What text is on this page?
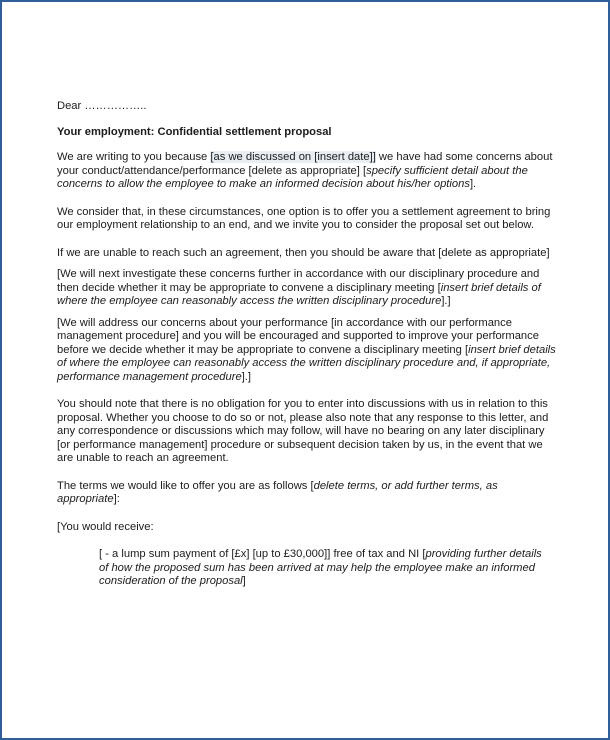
Dear ……………..

Your employment: Confidential settlement proposal

We are writing to you because [as we discussed on [insert date]] we have had some concerns about your conduct/attendance/performance [delete as appropriate] [specify sufficient detail about the concerns to allow the employee to make an informed decision about his/her options].

We consider that, in these circumstances, one option is to offer you a settlement agreement to bring our employment relationship to an end, and we invite you to consider the proposal set out below.

If we are unable to reach such an agreement, then you should be aware that [delete as appropriate]

[We will next investigate these concerns further in accordance with our disciplinary procedure and then decide whether it may be appropriate to convene a disciplinary meeting [insert brief details of where the employee can reasonably access the written disciplinary procedure].]

[We will address our concerns about your performance [in accordance with our performance management procedure] and you will be encouraged and supported to improve your performance before we decide whether it may be appropriate to convene a disciplinary meeting [insert brief details of where the employee can reasonably access the written disciplinary procedure and, if appropriate, performance management procedure].]

You should note that there is no obligation for you to enter into discussions with us in relation to this proposal. Whether you choose to do so or not, please also note that any response to this letter, and any correspondence or discussions which may follow, will have no bearing on any later disciplinary [or performance management] procedure or subsequent decision taken by us, in the event that we are unable to reach an agreement.

The terms we would like to offer you are as follows [delete terms, or add further terms, as appropriate]:

[You would receive:

[ - a lump sum payment of [£x] [up to £30,000]] free of tax and NI [providing further details of how the proposed sum has been arrived at may help the employee make an informed consideration of the proposal]
